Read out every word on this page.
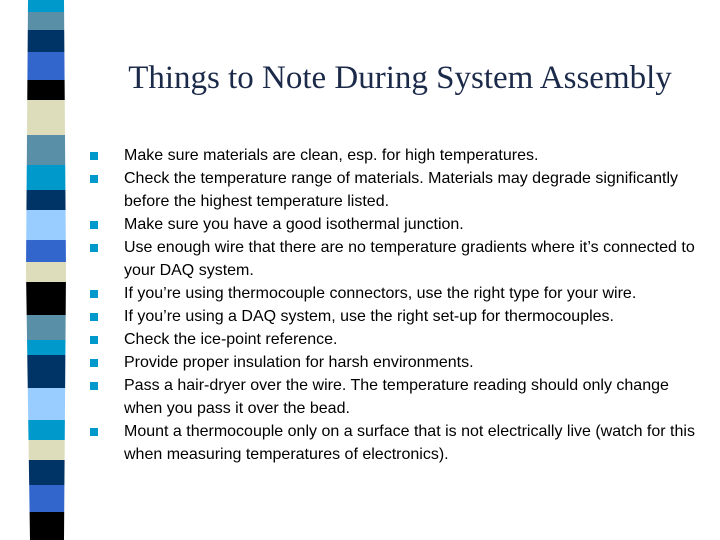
Things to Note During System Assembly
Make sure materials are clean, esp. for high temperatures.
Check the temperature range of materials. Materials may degrade significantly before the highest temperature listed.
Make sure you have a good isothermal junction.
Use enough wire that there are no temperature gradients where it’s connected to your DAQ system.
If you’re using thermocouple connectors, use the right type for your wire.
If you’re using a DAQ system, use the right set-up for thermocouples.
Check the ice-point reference.
Provide proper insulation for harsh environments.
Pass a hair-dryer over the wire. The temperature reading should only change when you pass it over the bead.
Mount a thermocouple only on a surface that is not electrically live (watch for this when measuring temperatures of electronics).
